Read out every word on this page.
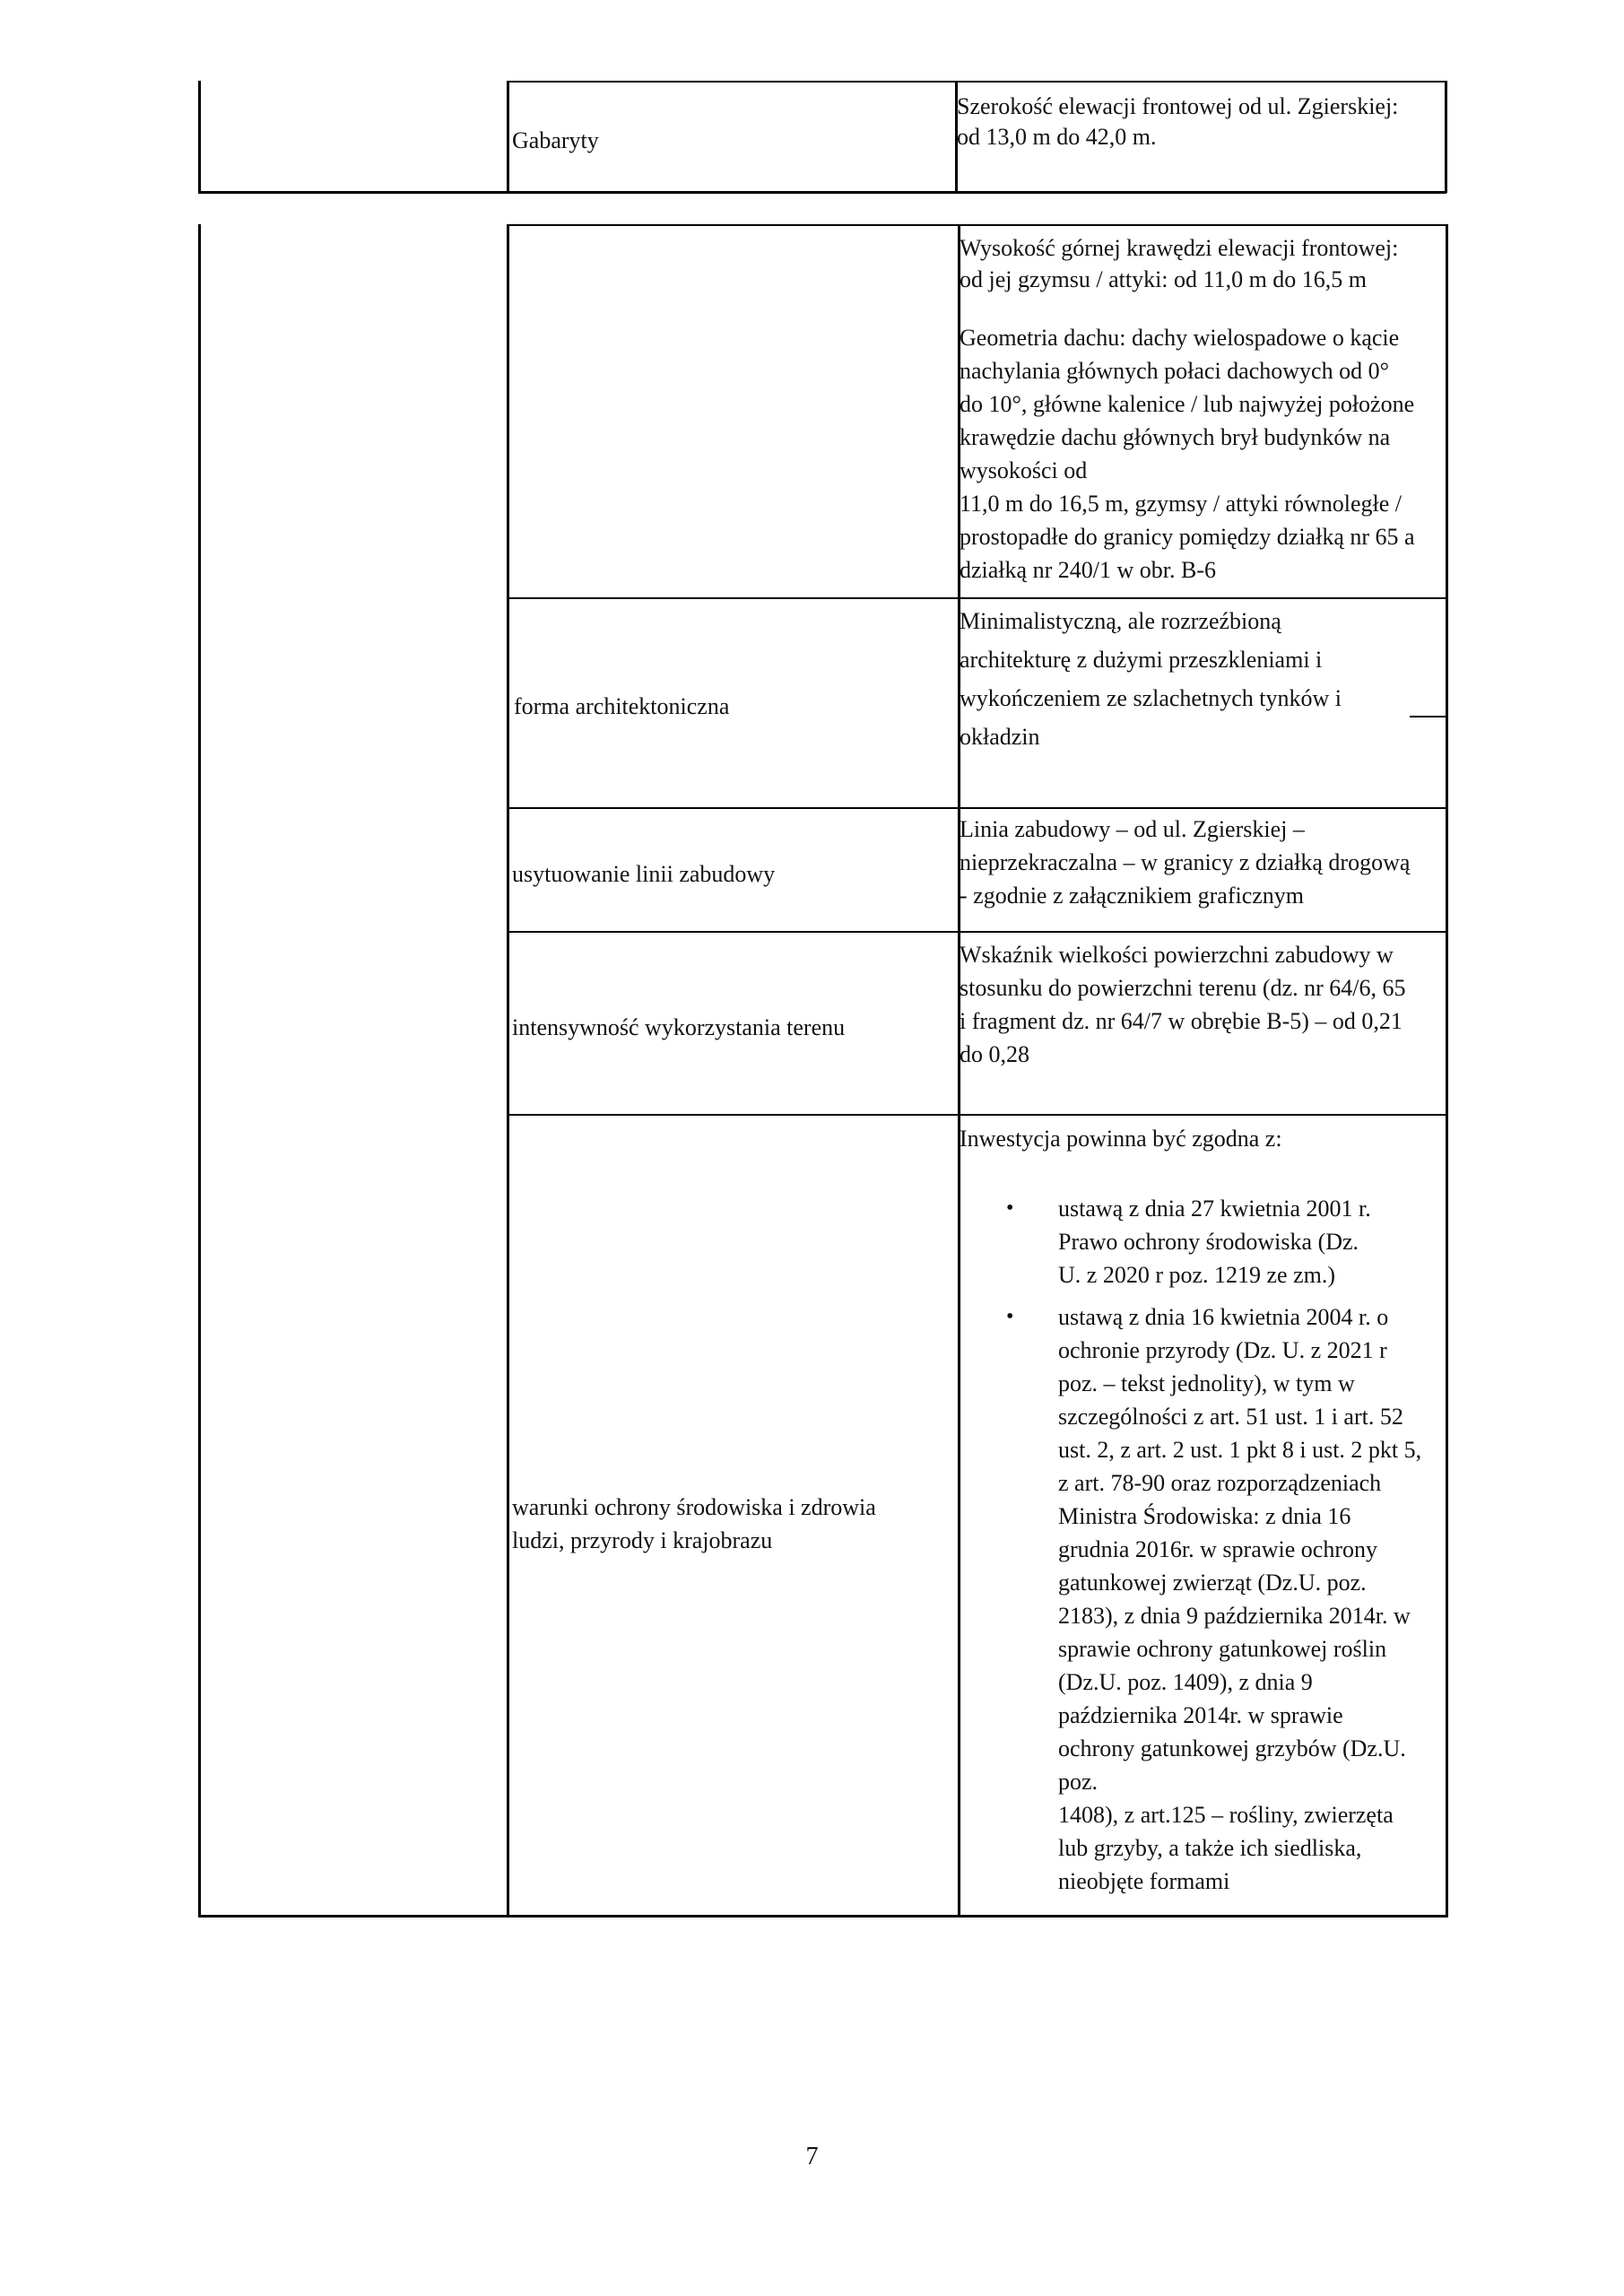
Gabaryty
Szerokość elewacji frontowej od ul. Zgierskiej:
od 13,0 m do 42,0 m.
Wysokość górnej krawędzi elewacji frontowej:
od jej gzymsu / attyki: od 11,0 m do 16,5 m
Geometria dachu: dachy wielospadowe o kącie
nachylania głównych połaci dachowych od 0°
do 10°, główne kalenice / lub najwyżej położone
krawędzie dachu głównych brył budynków na
wysokości od
11,0 m do 16,5 m, gzymsy / attyki równoległe /
prostopadłe do granicy pomiędzy działką nr 65 a
działką nr 240/1 w obr. B-6
forma architektoniczna
Minimalistyczną, ale rozrzeźbioną
architekturę z dużymi przeszkleniami i
wykończeniem ze szlachetnych tynków i
okładzin
usytuowanie linii zabudowy
Linia zabudowy – od ul. Zgierskiej –
nieprzekraczalna – w granicy z działką drogową
- zgodnie z załącznikiem graficznym
intensywność wykorzystania terenu
Wskaźnik wielkości powierzchni zabudowy w
stosunku do powierzchni terenu (dz. nr 64/6, 65
i fragment dz. nr 64/7 w obrębie B-5) – od 0,21
do 0,28
warunki ochrony środowiska i zdrowia
ludzi, przyrody i krajobrazu
Inwestycja powinna być zgodna z:
• ustawą z dnia 27 kwietnia 2001 r.
Prawo ochrony środowiska (Dz.
U. z 2020 r poz. 1219 ze zm.)
• ustawą z dnia 16 kwietnia 2004 r. o
ochronie przyrody (Dz. U. z 2021 r
poz. – tekst jednolity), w tym w
szczególności z art. 51 ust. 1 i art. 52
ust. 2, z art. 2 ust. 1 pkt 8 i ust. 2 pkt 5,
z art. 78-90 oraz rozporządzeniach
Ministra Środowiska: z dnia 16
grudnia 2016r. w sprawie ochrony
gatunkowej zwierząt (Dz.U. poz.
2183), z dnia 9 października 2014r. w
sprawie ochrony gatunkowej roślin
(Dz.U. poz. 1409), z dnia 9
października 2014r. w sprawie
ochrony gatunkowej grzybów (Dz.U.
poz.
1408), z art.125 – rośliny, zwierzęta
lub grzyby, a także ich siedliska,
nieobjęte formami
7
